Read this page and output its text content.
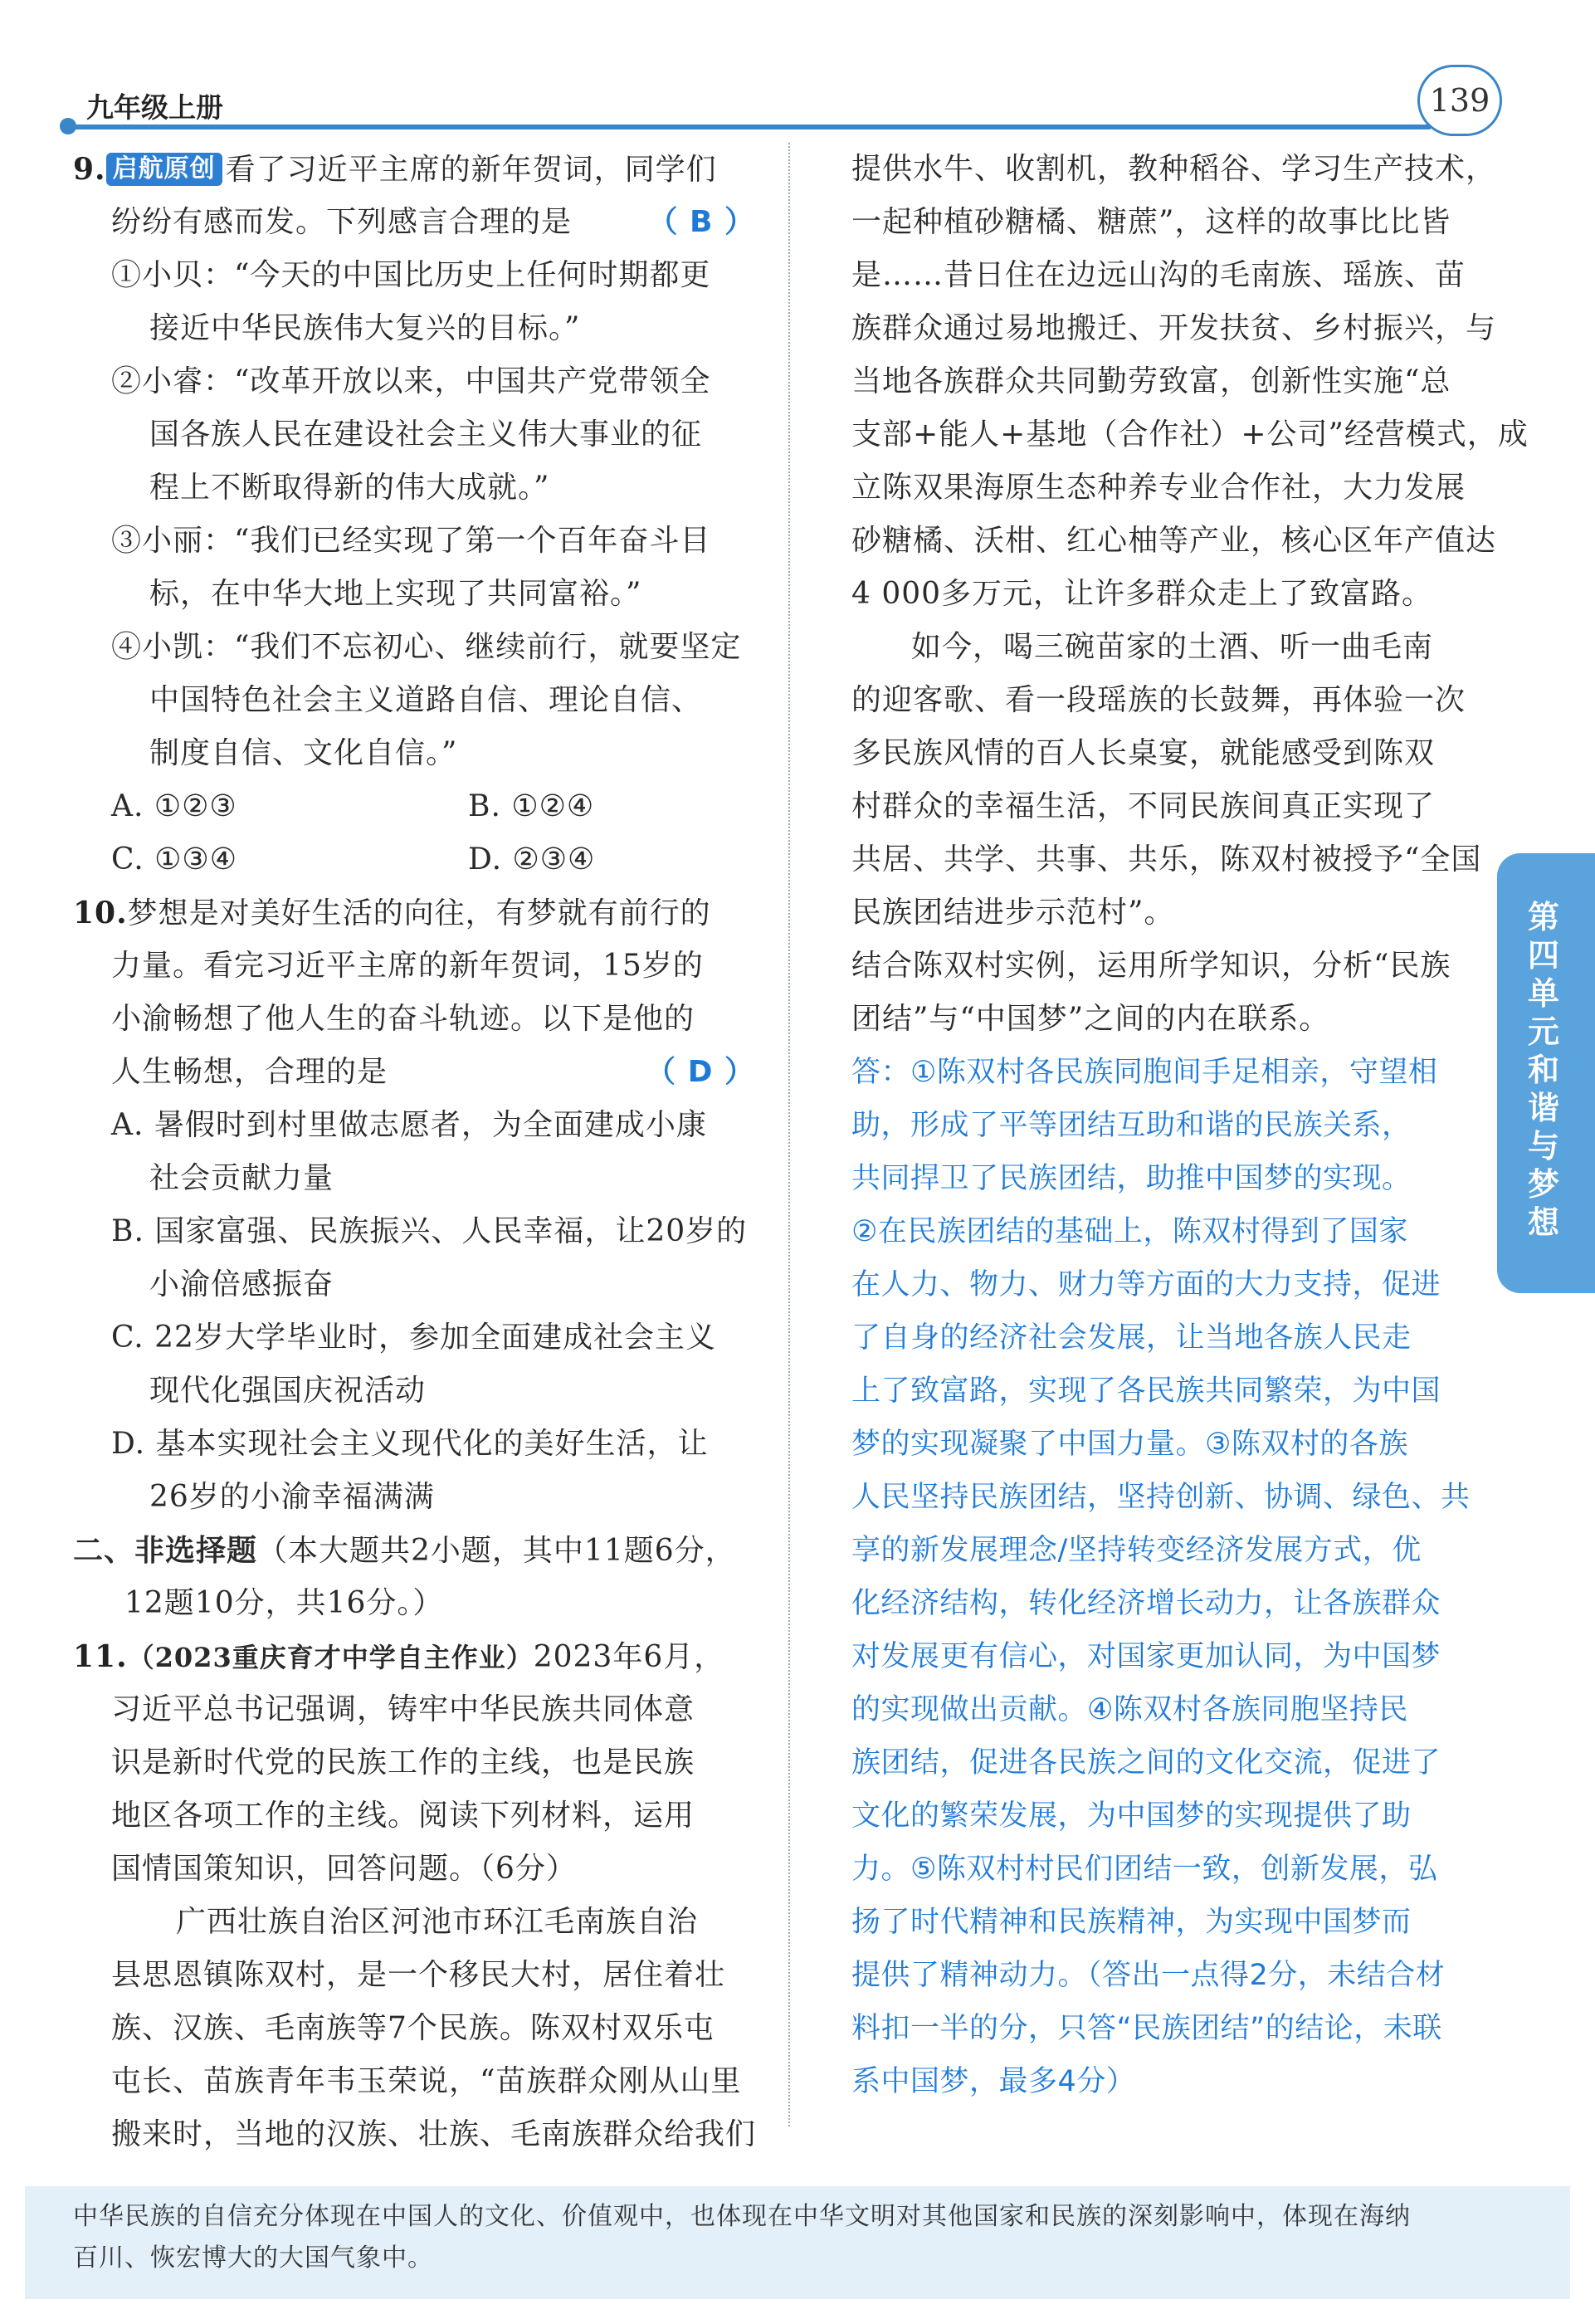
九年级上册	139
9. 启航原创 看了习近平主席的新年贺词，同学们
纷纷有感而发。下列感言合理的是	（ B ）
①小贝：“今天的中国比历史上任何时期都更
接近中华民族伟大复兴的目标。”
②小睿：“改革开放以来，中国共产党带领全
国各族人民在建设社会主义伟大事业的征
程上不断取得新的伟大成就。”
③小丽：“我们已经实现了第一个百年奋斗目
标，在中华大地上实现了共同富裕。”
④小凯：“我们不忘初心、继续前行，就要坚定
中国特色社会主义道路自信、理论自信、
制度自信、文化自信。”
A. ①②③	B. ①②④
C. ①③④	D. ②③④
10.梦想是对美好生活的向往，有梦就有前行的
力量。看完习近平主席的新年贺词，15岁的
小渝畅想了他人生的奋斗轨迹。以下是他的
人生畅想，合理的是	（ D ）
A. 暑假时到村里做志愿者，为全面建成小康
社会贡献力量
B. 国家富强、民族振兴、人民幸福，让20岁的
小渝倍感振奋
C. 22岁大学毕业时，参加全面建成社会主义
现代化强国庆祝活动
D. 基本实现社会主义现代化的美好生活，让
26岁的小渝幸福满满
二、非选择题（本大题共2小题，其中11题6分，
12题10分，共16分。）
11.（2023重庆育才中学自主作业）2023年6月，
习近平总书记强调，铸牢中华民族共同体意
识是新时代党的民族工作的主线，也是民族
地区各项工作的主线。阅读下列材料，运用
国情国策知识，回答问题。（6分）
广西壮族自治区河池市环江毛南族自治
县思恩镇陈双村，是一个移民大村，居住着壮
族、汉族、毛南族等7个民族。陈双村双乐屯
屯长、苗族青年韦玉荣说，“苗族群众刚从山里
搬来时，当地的汉族、壮族、毛南族群众给我们
提供水牛、收割机，教种稻谷、学习生产技术，
一起种植砂糖橘、糖蔗”，这样的故事比比皆
是……昔日住在边远山沟的毛南族、瑶族、苗
族群众通过易地搬迁、开发扶贫、乡村振兴，与
当地各族群众共同勤劳致富，创新性实施“总
支部+能人+基地（合作社）+公司”经营模式，成
立陈双果海原生态种养专业合作社，大力发展
砂糖橘、沃柑、红心柚等产业，核心区年产值达
4 000多万元，让许多群众走上了致富路。
如今，喝三碗苗家的土酒、听一曲毛南
的迎客歌、看一段瑶族的长鼓舞，再体验一次
多民族风情的百人长桌宴，就能感受到陈双
村群众的幸福生活，不同民族间真正实现了
共居、共学、共事、共乐，陈双村被授予“全国
民族团结进步示范村”。
结合陈双村实例，运用所学知识，分析“民族
团结”与“中国梦”之间的内在联系。
答：①陈双村各民族同胞间手足相亲，守望相
助，形成了平等团结互助和谐的民族关系，
共同捍卫了民族团结，助推中国梦的实现。
②在民族团结的基础上，陈双村得到了国家
在人力、物力、财力等方面的大力支持，促进
了自身的经济社会发展，让当地各族人民走
上了致富路，实现了各民族共同繁荣，为中国
梦的实现凝聚了中国力量。③陈双村的各族
人民坚持民族团结，坚持创新、协调、绿色、共
享的新发展理念/坚持转变经济发展方式，优
化经济结构，转化经济增长动力，让各族群众
对发展更有信心，对国家更加认同，为中国梦
的实现做出贡献。④陈双村各族同胞坚持民
族团结，促进各民族之间的文化交流，促进了
文化的繁荣发展，为中国梦的实现提供了助
力。⑤陈双村村民们团结一致，创新发展，弘
扬了时代精神和民族精神，为实现中国梦而
提供了精神动力。（答出一点得2分，未结合材
料扣一半的分，只答“民族团结”的结论，未联
系中国梦，最多4分）
第四单元 和谐与梦想
中华民族的自信充分体现在中国人的文化、价值观中，也体现在中华文明对其他国家和民族的深刻影响中，体现在海纳
百川、恢宏博大的大国气象中。
